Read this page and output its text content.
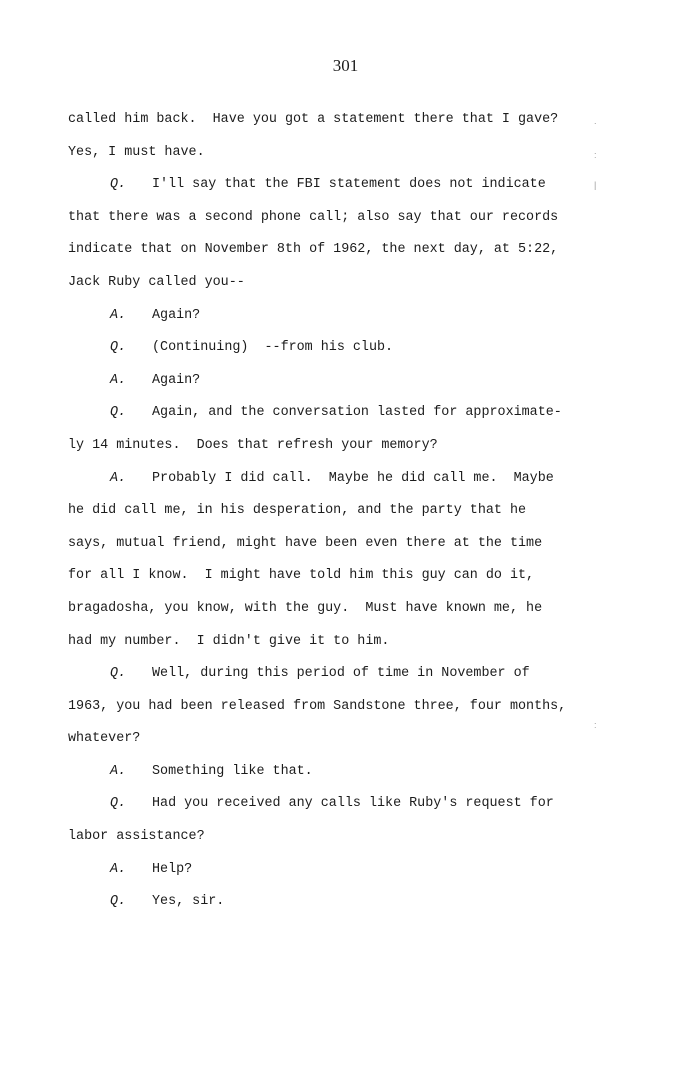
301
called him back.  Have you got a statement there that I gave?
Yes, I must have.
Q. I'll say that the FBI statement does not indicate
that there was a second phone call; also say that our records
indicate that on November 8th of 1962, the next day, at 5:22,
Jack Ruby called you--
A. Again?
Q. (Continuing)  --from his club.
A. Again?
Q. Again, and the conversation lasted for approximate-
ly 14 minutes.  Does that refresh your memory?
A. Probably I did call.  Maybe he did call me.  Maybe
he did call me, in his desperation, and the party that he
says, mutual friend, might have been even there at the time
for all I know.  I might have told him this guy can do it,
bragadosha, you know, with the guy.  Must have known me, he
had my number.  I didn't give it to him.
Q. Well, during this period of time in November of
1963, you had been released from Sandstone three, four months,
whatever?
A. Something like that.
Q. Had you received any calls like Ruby's request for
labor assistance?
A. Help?
Q. Yes, sir.
.
:
|
:
